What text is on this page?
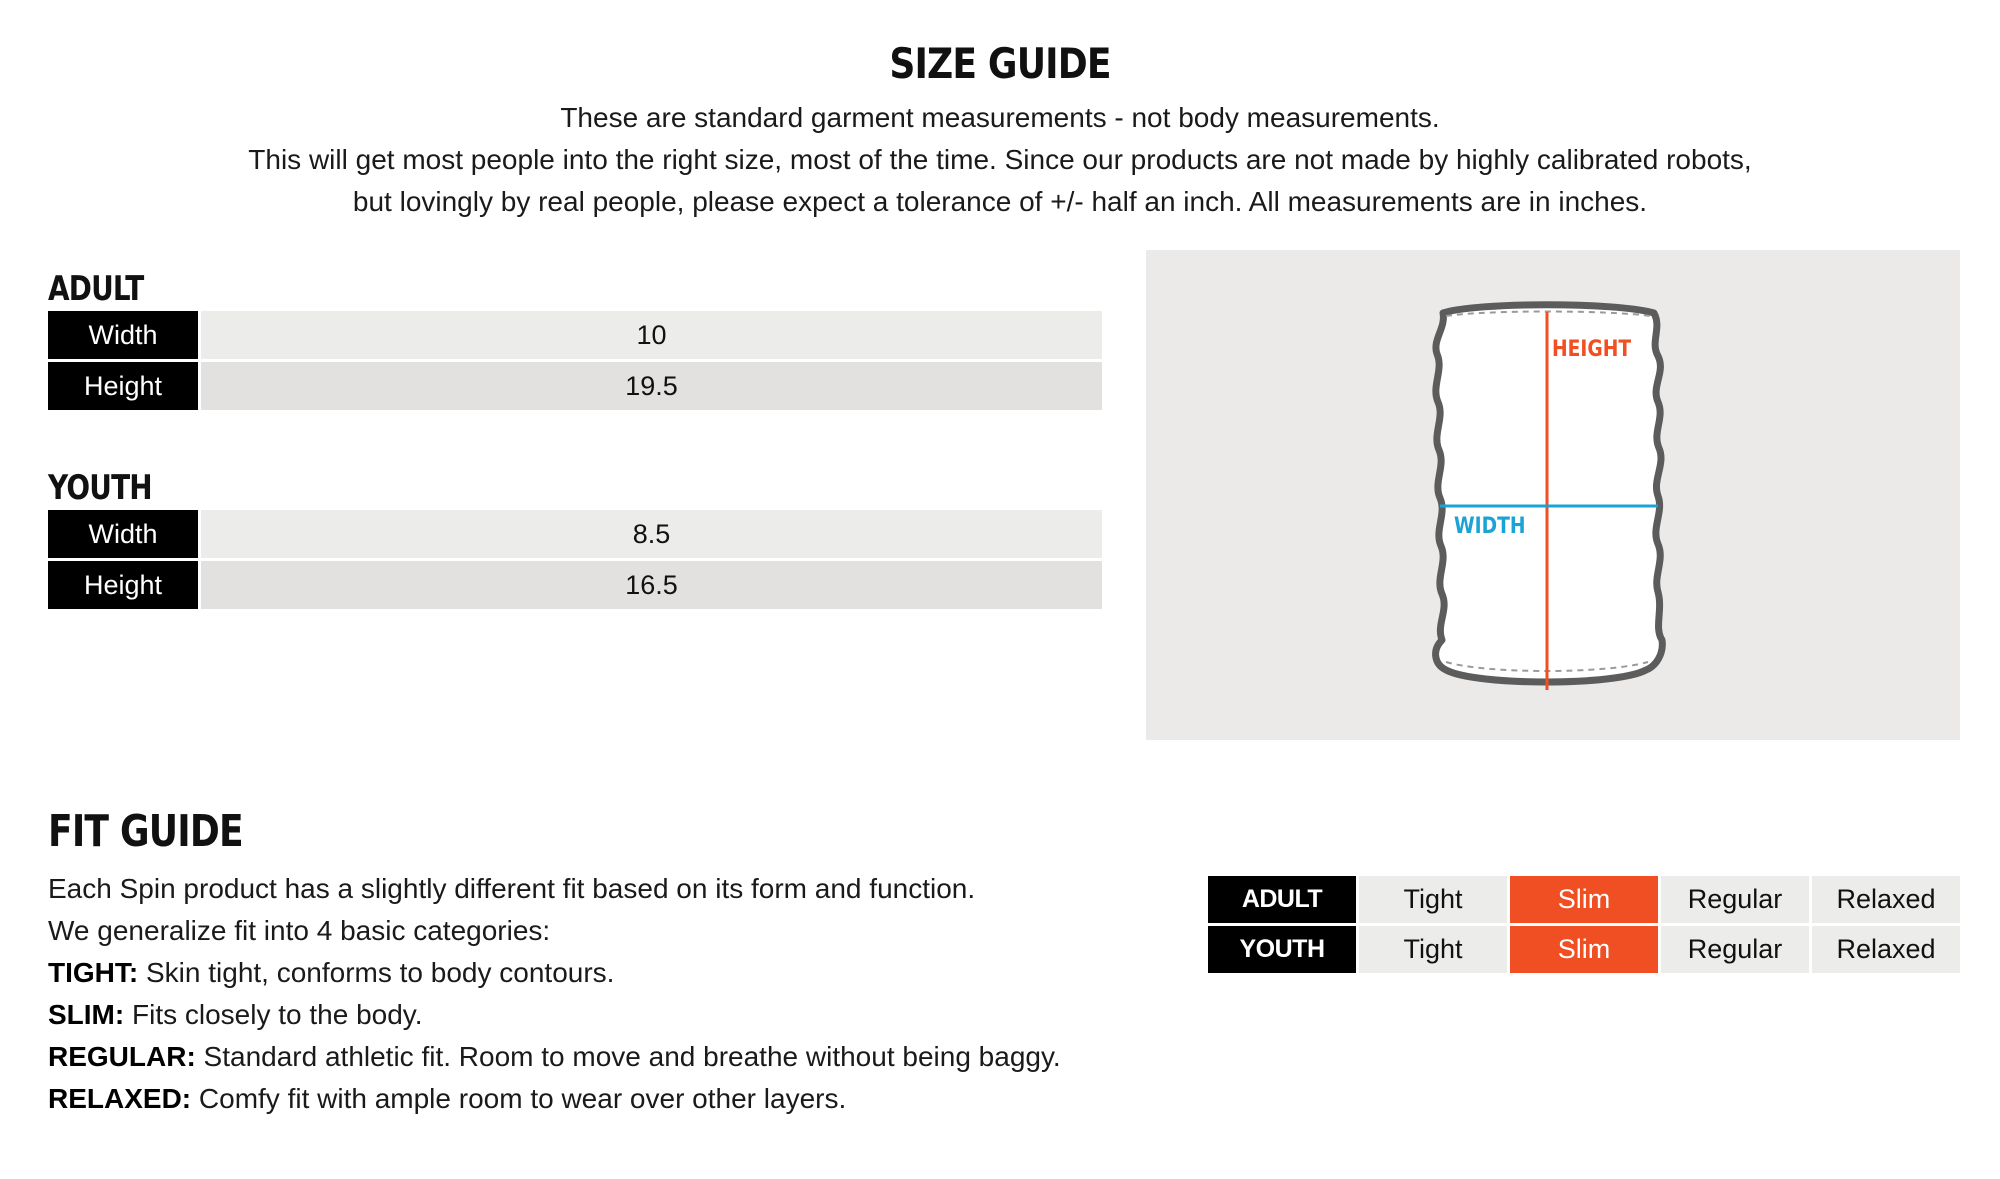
SIZE GUIDE
These are standard garment measurements - not body measurements.
This will get most people into the right size, most of the time. Since our products are not made by highly calibrated robots,
but lovingly by real people, please expect a tolerance of +/- half an inch. All measurements are in inches.
ADULT
Width	10
Height	19.5
YOUTH
Width	8.5
Height	16.5
HEIGHT
WIDTH
FIT GUIDE
Each Spin product has a slightly different fit based on its form and function.
We generalize fit into 4 basic categories:
TIGHT: Skin tight, conforms to body contours.
SLIM: Fits closely to the body.
REGULAR: Standard athletic fit. Room to move and breathe without being baggy.
RELAXED: Comfy fit with ample room to wear over other layers.
ADULT	Tight	Slim	Regular	Relaxed
YOUTH	Tight	Slim	Regular	Relaxed
